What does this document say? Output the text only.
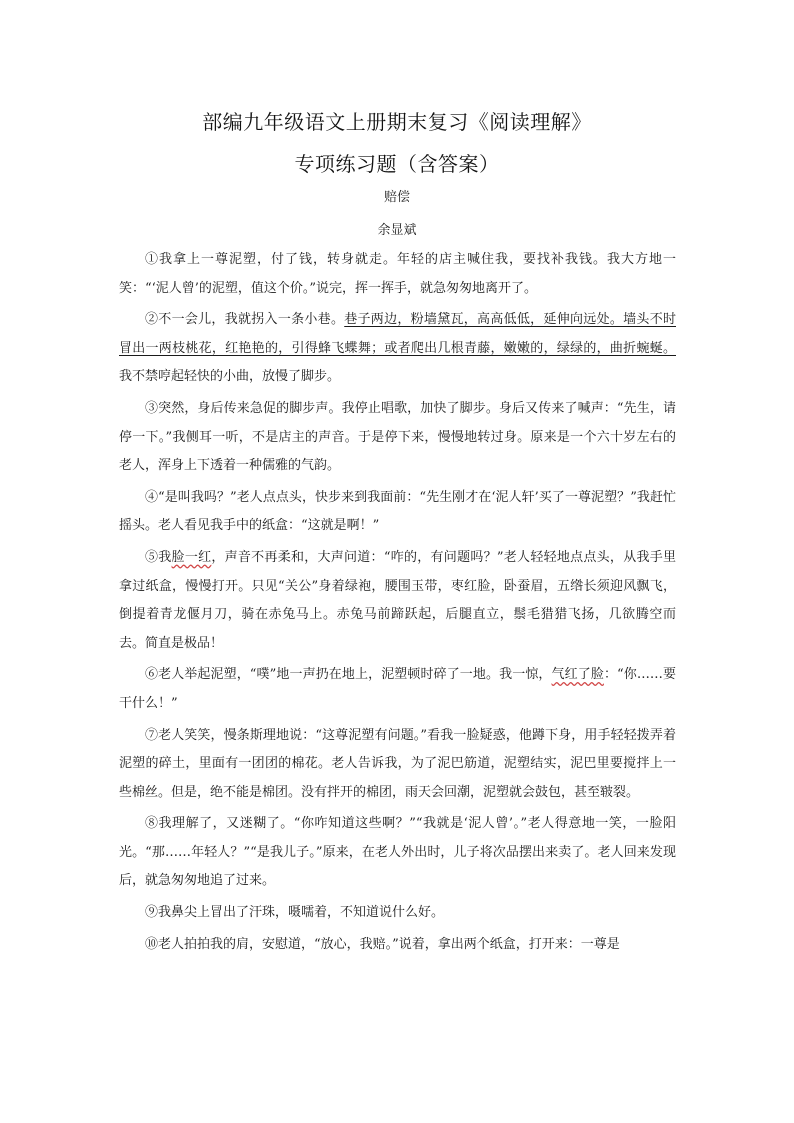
部编九年级语文上册期末复习《阅读理解》
专项练习题（含答案）
赔偿
余显斌

①我拿上一尊泥塑，付了钱，转身就走。年轻的店主喊住我，要找补我钱。我大方地一笑：“‘泥人曾’的泥塑，值这个价。”说完，挥一挥手，就急匆匆地离开了。

②不一会儿，我就拐入一条小巷。巷子两边，粉墙黛瓦，高高低低，延伸向远处。墙头不时冒出一两枝桃花，红艳艳的，引得蜂飞蝶舞；或者爬出几根青藤，嫩嫩的，绿绿的，曲折蜿蜒。我不禁哼起轻快的小曲，放慢了脚步。

③突然，身后传来急促的脚步声。我停止唱歌，加快了脚步。身后又传来了喊声：“先生，请停一下。”我侧耳一听，不是店主的声音。于是停下来，慢慢地转过身。原来是一个六十岁左右的老人，浑身上下透着一种儒雅的气韵。

④“是叫我吗？”老人点点头，快步来到我面前：“先生刚才在‘泥人轩’买了一尊泥塑？”我赶忙摇头。老人看见我手中的纸盒：“这就是啊！”

⑤我脸一红，声音不再柔和，大声问道：“咋的，有问题吗？”老人轻轻地点点头，从我手里拿过纸盒，慢慢打开。只见“关公”身着绿袍，腰围玉带，枣红脸，卧蚕眉，五绺长须迎风飘飞，倒提着青龙偃月刀，骑在赤兔马上。赤兔马前蹄跃起，后腿直立，鬃毛猎猎飞扬，几欲腾空而去。简直是极品！

⑥老人举起泥塑，“噗”地一声扔在地上，泥塑顿时碎了一地。我一惊，气红了脸：“你……要干什么！”

⑦老人笑笑，慢条斯理地说：“这尊泥塑有问题。”看我一脸疑惑，他蹲下身，用手轻轻拨弄着泥塑的碎土，里面有一团团的棉花。老人告诉我，为了泥巴筋道，泥塑结实，泥巴里要搅拌上一些棉丝。但是，绝不能是棉团。没有拌开的棉团，雨天会回潮，泥塑就会鼓包，甚至皲裂。

⑧我理解了，又迷糊了。“你咋知道这些啊？”“我就是‘泥人曾’。”老人得意地一笑，一脸阳光。“那……年轻人？”“是我儿子。”原来，在老人外出时，儿子将次品摆出来卖了。老人回来发现后，就急匆匆地追了过来。

⑨我鼻尖上冒出了汗珠，嗫嚅着，不知道说什么好。

⑩老人拍拍我的肩，安慰道，“放心，我赔。”说着，拿出两个纸盒，打开来：一尊是
